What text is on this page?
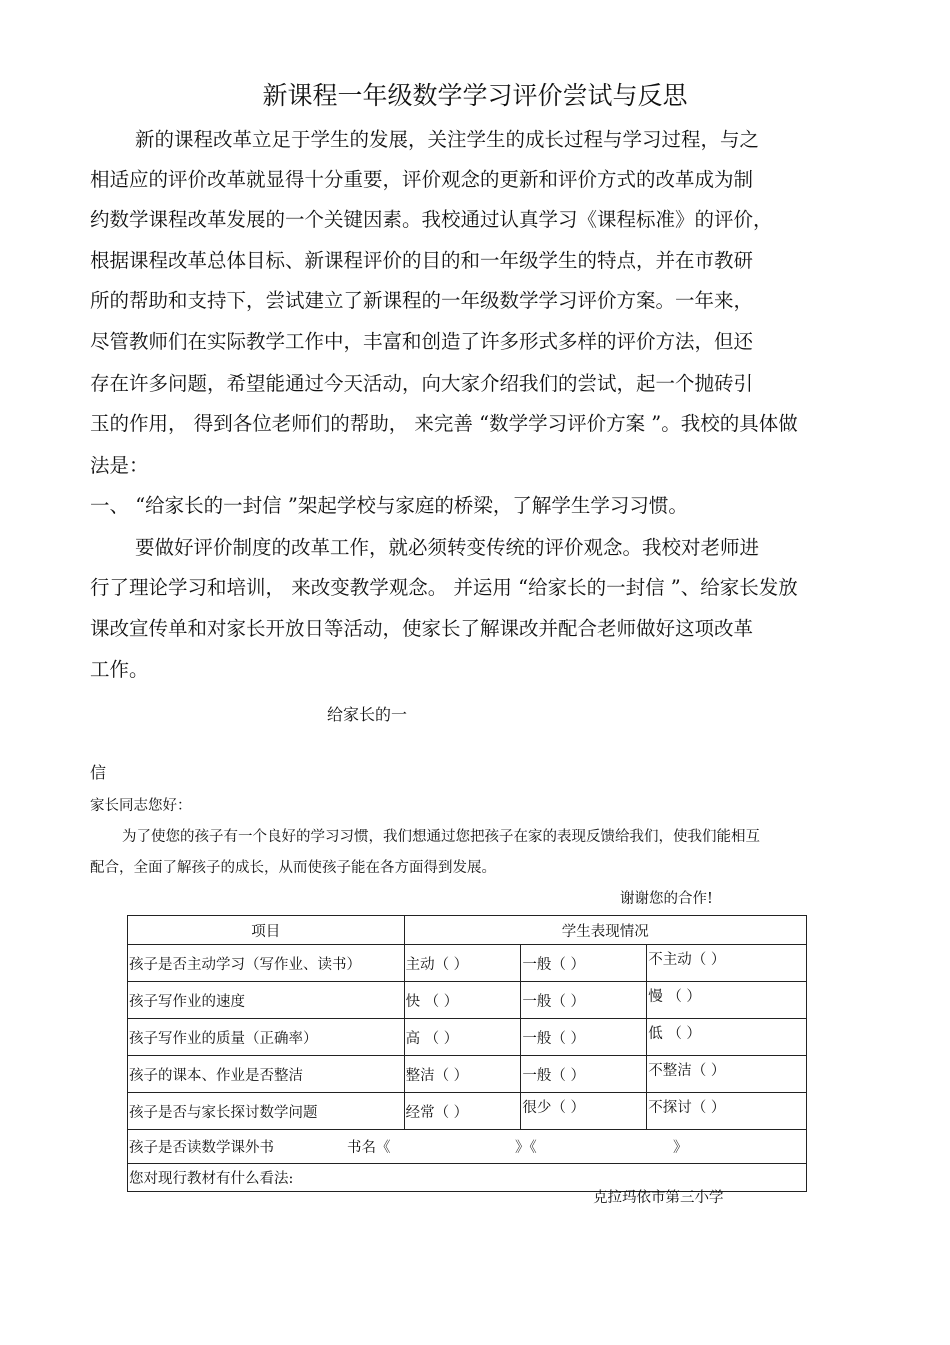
新课程一年级数学学习评价尝试与反思
新的课程改革立足于学生的发展，关注学生的成长过程与学习过程，与之
相适应的评价改革就显得十分重要，评价观念的更新和评价方式的改革成为制
约数学课程改革发展的一个关键因素。我校通过认真学习《课程标准》的评价，
根据课程改革总体目标、新课程评价的目的和一年级学生的特点，并在市教研
所的帮助和支持下，尝试建立了新课程的一年级数学学习评价方案。一年来，
尽管教师们在实际教学工作中，丰富和创造了许多形式多样的评价方法，但还
存在许多问题，希望能通过今天活动，向大家介绍我们的尝试，起一个抛砖引
玉的作用， 得到各位老师们的帮助， 来完善 “数学学习评价方案 ”。我校的具体做
法是：
一、 “给家长的一封信 ”架起学校与家庭的桥梁，了解学生学习习惯。
要做好评价制度的改革工作，就必须转变传统的评价观念。我校对老师进
行了理论学习和培训， 来改变教学观念。 并运用 “给家长的一封信 ”、给家长发放
课改宣传单和对家长开放日等活动，使家长了解课改并配合老师做好这项改革
工作。
给家长的一
信
家长同志您好：
为了使您的孩子有一个良好的学习习惯，我们想通过您把孩子在家的表现反馈给我们，使我们能相互
配合，全面了解孩子的成长，从而使孩子能在各方面得到发展。
谢谢您的合作!
项目	学生表现情况		
孩子是否主动学习（写作业、读书）	主动（ ）	一般（ ）	不主动（ ）
孩子写作业的速度	快 （ ）	一般（ ）	慢 （ ）
孩子写作业的质量（正确率）	高 （ ）	一般（ ）	低 （ ）
孩子的课本、作业是否整洁	整洁（ ）	一般（ ）	不整洁（ ）
孩子是否与家长探讨数学问题	经常（ ）	很少（ ）	不探讨（ ）
孩子是否读数学课外书 书名《 》《 》			
您对现行教材有什么看法:			
克拉玛依市第三小学
